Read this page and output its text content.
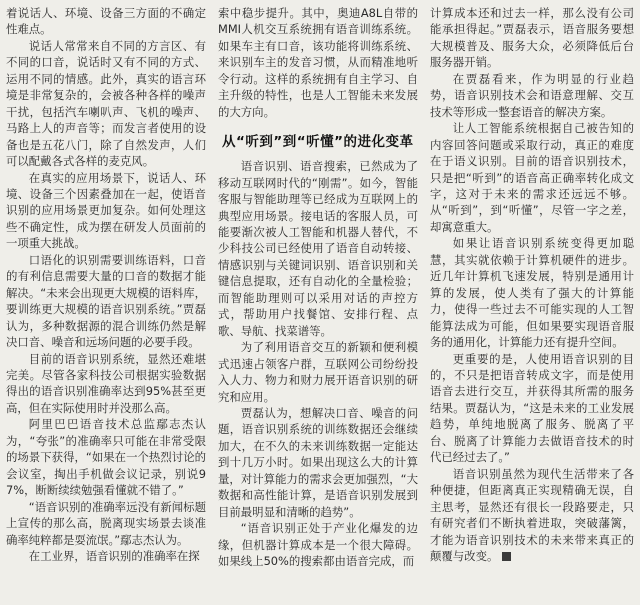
着说话人、环境、设备三方面的不确定性难点。

说话人常常来自不同的方言区、有不同的口音，说话时又有不同的方式、运用不同的情感。此外，真实的语言环境是非常复杂的，会被各种各样的噪声干扰，包括汽车喇叭声、飞机的噪声、马路上人的声音等；而发言者使用的设备也是五花八门，除了自然发声，人们可以配戴各式各样的麦克风。

在真实的应用场景下，说话人、环境、设备三个因素叠加在一起，使语音识别的应用场景更加复杂。如何处理这些不确定性，成为摆在研发人员面前的一项重大挑战。

口语化的识别需要训练语料，口音的有利信息需要大量的口音的数据才能解决。“未来会出现更大规模的语料库，要训练更大规模的语音识别系统。”贾磊认为，多种数据源的混合训练仍然是解决口音、噪音和远场问题的必要手段。

目前的语音识别系统，显然还难堪完美。尽管各家科技公司根据实验数据得出的语音识别准确率达到95%甚至更高，但在实际使用时并没那么高。

阿里巴巴语音技术总监鄢志杰认为，“夸张”的准确率只可能在非常受限的场景下获得，“如果在一个热烈讨论的会议室，掏出手机做会议记录，别说97%，断断续续勉强看懂就不错了。”

“语音识别的准确率远没有新闻标题上宣传的那么高，脱离现实场景去谈准确率纯粹都是耍流氓。”鄢志杰认为。

在工业界，语音识别的准确率在探

索中稳步提升。其中，奥迪A8L自带的MMI人机交互系统拥有语音训练系统。如果车主有口音，该功能将训练系统、来识别车主的发音习惯，从而精准地听令行动。这样的系统拥有自主学习、自主升级的特性，也是人工智能未来发展的大方向。

从“听到”到“听懂”的进化变革

语音识别、语音搜索，已然成为了移动互联网时代的“刚需”。如今，智能客服与智能助理等已经成为互联网上的典型应用场景。接电话的客服人员，可能要渐次被人工智能和机器人替代，不少科技公司已经使用了语音自动转接、情感识别与关键词识别、语音识别和关键信息提取，还有自动化的全量检验；而智能助理则可以采用对话的声控方式，帮助用户找餐馆、安排行程、点歌、导航、找菜谱等。

为了利用语音交互的新颖和便利模式迅速占领客户群，互联网公司纷纷投入人力、物力和财力展开语音识别的研究和应用。

贾磊认为，想解决口音、噪音的问题，语音识别系统的训练数据还会继续加大，在不久的未来训练数据一定能达到十几万小时。如果出现这么大的计算量，对计算能力的需求会更加强烈，“大数据和高性能计算，是语音识别发展到目前最明显和清晰的趋势”。

“语音识别正处于产业化爆发的边缘，但机器计算成本是一个很大障碍。如果线上50%的搜索都由语音完成，而

计算成本还和过去一样，那么没有公司能承担得起。”贾磊表示，语音服务要想大规模普及、服务大众，必须降低后台服务器开销。

在贾磊看来，作为明显的行业趋势，语音识别技术会和语意理解、交互技术等形成一整套语音的解决方案。

让人工智能系统根据自己被告知的内容回答问题或采取行动，真正的难度在于语义识别。目前的语音识别技术，只是把“听到”的语音高正确率转化成文字，这对于未来的需求还远远不够。从“听到”，到“听懂”，尽管一字之差，却寓意重大。

如果让语音识别系统变得更加聪慧，其实就依赖于计算机硬件的进步。近几年计算机飞速发展，特别是通用计算的发展，使人类有了强大的计算能力，使得一些过去不可能实现的人工智能算法成为可能，但如果要实现语音服务的通用化，计算能力还有提升空间。

更重要的是，人使用语音识别的目的，不只是把语音转成文字，而是使用语音去进行交互，并获得其所需的服务结果。贾磊认为，“这是未来的工业发展趋势，单纯地脱离了服务、脱离了平台、脱离了计算能力去做语音技术的时代已经过去了。”

语音识别虽然为现代生活带来了各种便捷，但距离真正实现精确无误，自主思考，显然还有很长一段路要走，只有研究者们不断执着进取，突破藩篱，才能为语音识别技术的未来带来真正的颠覆与改变。
